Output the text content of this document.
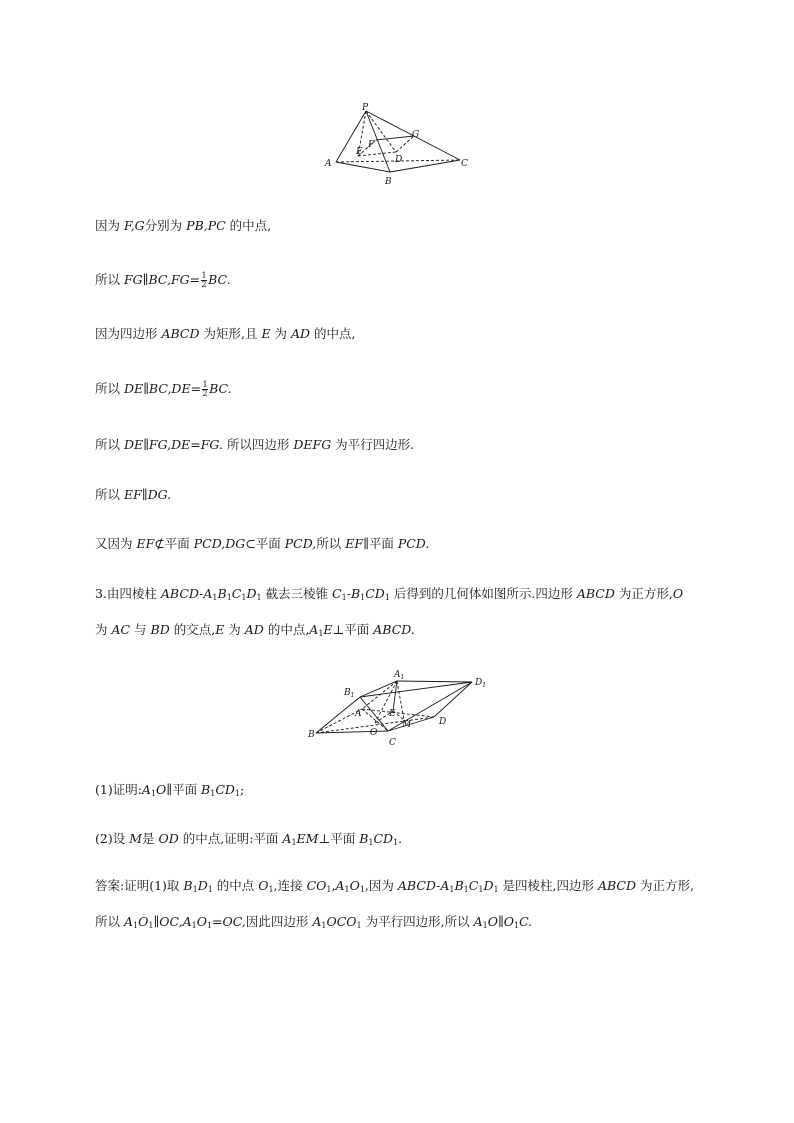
P
A
B
C
D
E
F
G
因为 F,G分别为 PB,PC 的中点,
所以 FG∥BC,FG= $\frac{1}{2}$ BC.
因为四边形 ABCD 为矩形,且 E 为 AD 的中点,
所以 DE∥BC,DE= $\frac{1}{2}$ BC.
所以 DE∥FG,DE=FG. 所以四边形 DEFG 为平行四边形.
所以 EF∥DG.
又因为 EF⊄平面 PCD,DG⊂平面 PCD,所以 EF∥平面 PCD.
3.由四棱柱 ABCD-$A_1B_1C_1D_1$ 截去三棱锥 $C_1-B_1CD_1$ 后得到的几何体如图所示.四边形 ABCD 为正方形,O
为 AC 与 BD 的交点,E 为 AD 的中点$,A_1E\perp$平面 ABCD.
$A_1$
$B_1$
$D_1$
A
B
C
D
E
M
O
(1)证明$:A_1O\parallel$平面 $B_1CD_1$;
(2)设 M是 OD 的中点,证明:平面 $A_1EM\perp$平面 $B_1CD_1$.
答案:证明(1)取 $B_1D_1$ 的中点 $O_1$,连接 $CO_1,A_1O_1$,因为 ABCD-$A_1B_1C_1D_1$ 是四棱柱,四边形 ABCD 为正方形,
所以 $A_1O_1\parallel OC,A_1O_1=OC$,因此四边形 $A_1OCO_1$ 为平行四边形,所以 $A_1O\parallel O_1C$.
